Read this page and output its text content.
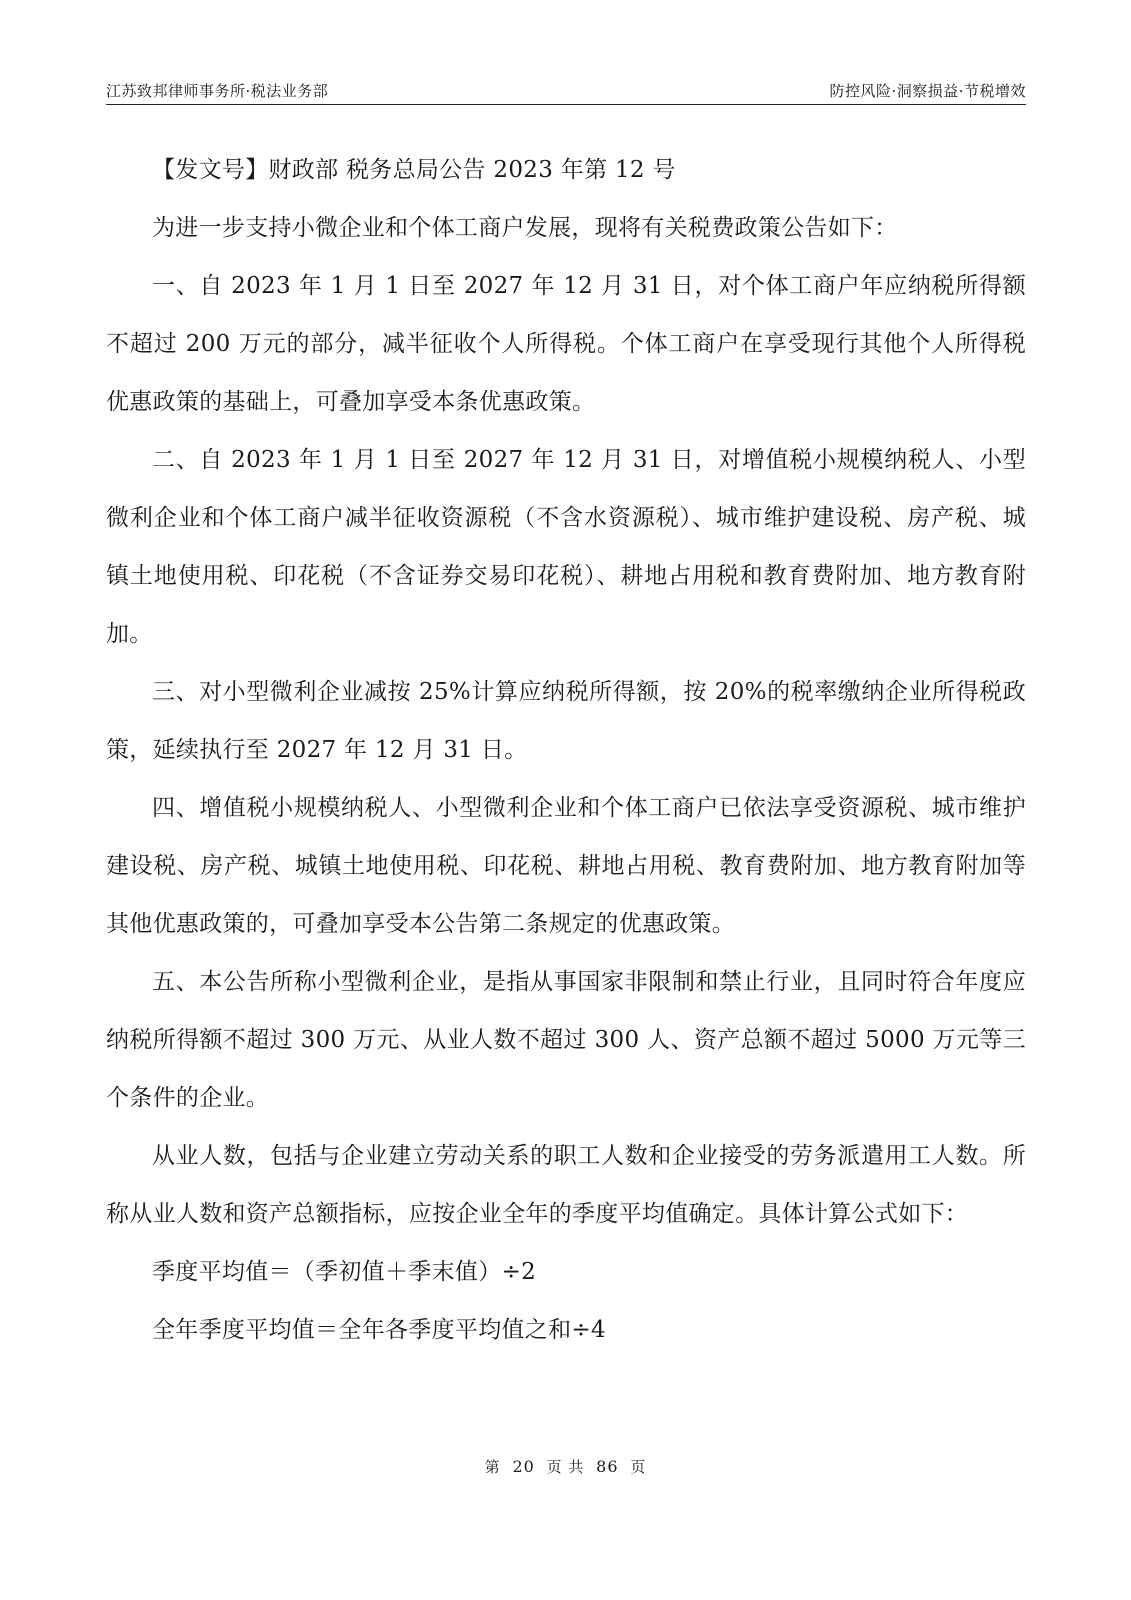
江苏致邦律师事务所·税法业务部	防控风险·洞察损益·节税增效

【发文号】财政部 税务总局公告 2023 年第 12 号

为进一步支持小微企业和个体工商户发展，现将有关税费政策公告如下：

一、自 2023 年 1 月 1 日至 2027 年 12 月 31 日，对个体工商户年应纳税所得额不超过 200 万元的部分，减半征收个人所得税。个体工商户在享受现行其他个人所得税优惠政策的基础上，可叠加享受本条优惠政策。

二、自 2023 年 1 月 1 日至 2027 年 12 月 31 日，对增值税小规模纳税人、小型微利企业和个体工商户减半征收资源税（不含水资源税）、城市维护建设税、房产税、城镇土地使用税、印花税（不含证券交易印花税）、耕地占用税和教育费附加、地方教育附加。

三、对小型微利企业减按 25%计算应纳税所得额，按 20%的税率缴纳企业所得税政策，延续执行至 2027 年 12 月 31 日。

四、增值税小规模纳税人、小型微利企业和个体工商户已依法享受资源税、城市维护建设税、房产税、城镇土地使用税、印花税、耕地占用税、教育费附加、地方教育附加等其他优惠政策的，可叠加享受本公告第二条规定的优惠政策。

五、本公告所称小型微利企业，是指从事国家非限制和禁止行业，且同时符合年度应纳税所得额不超过 300 万元、从业人数不超过 300 人、资产总额不超过 5000 万元等三个条件的企业。

从业人数，包括与企业建立劳动关系的职工人数和企业接受的劳务派遣用工人数。所称从业人数和资产总额指标，应按企业全年的季度平均值确定。具体计算公式如下：

季度平均值＝（季初值＋季末值）÷2

全年季度平均值＝全年各季度平均值之和÷4

第 20 页 共 86 页
